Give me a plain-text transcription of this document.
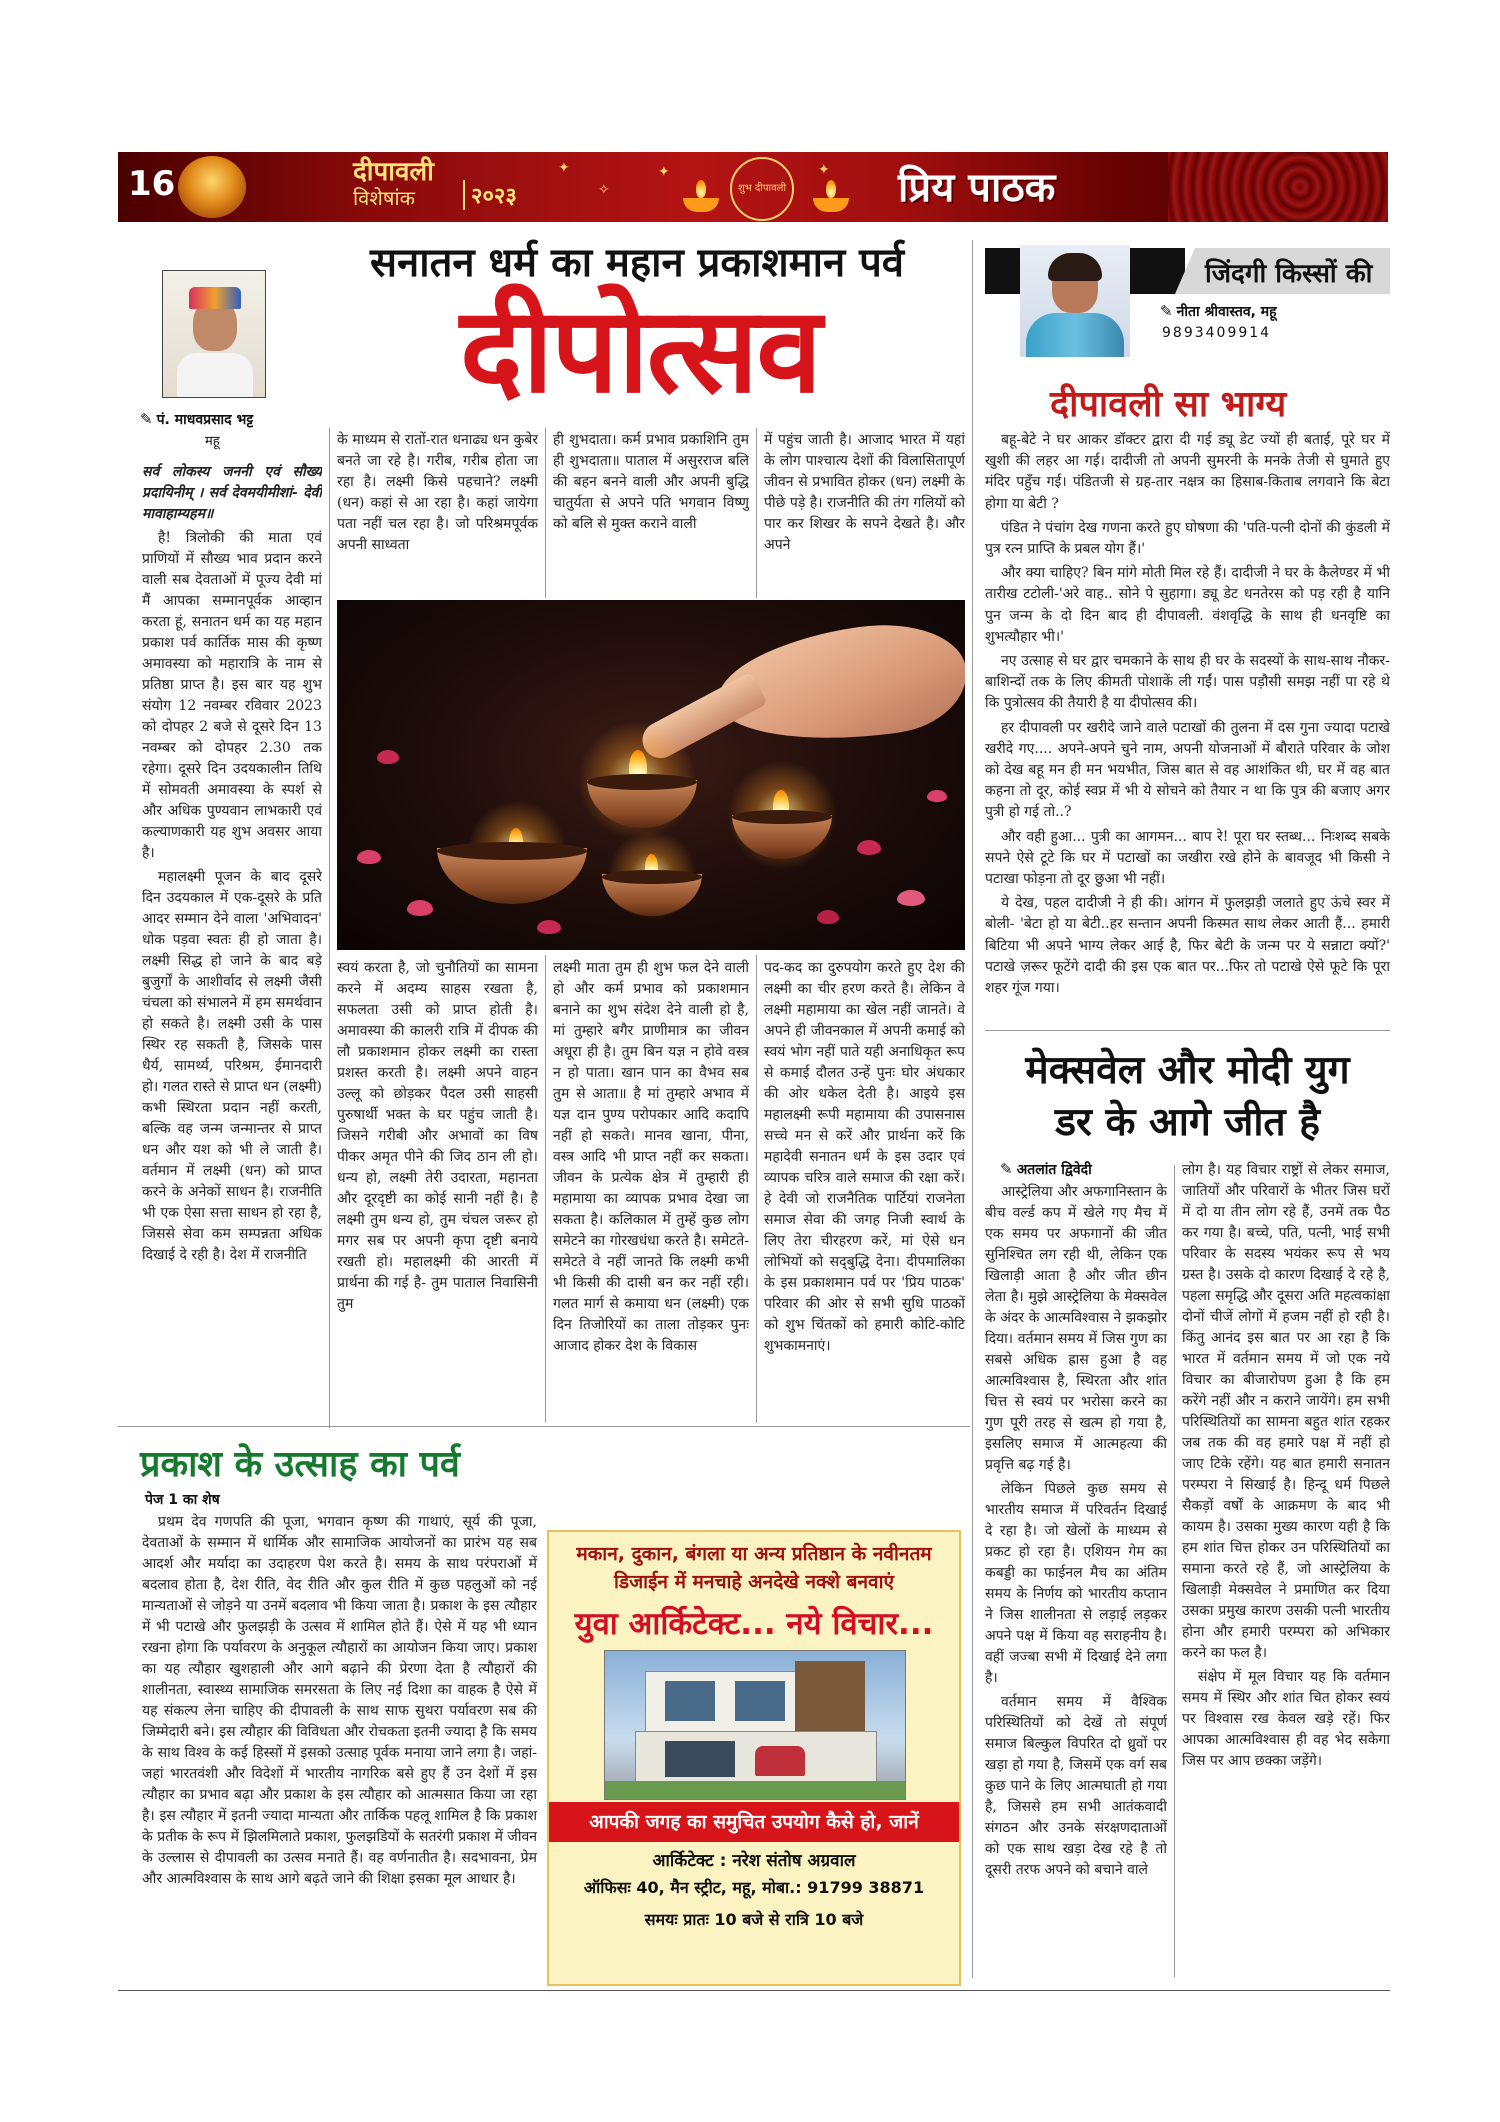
16	दीपावली
विशेषांक	२०२३
✦
✧
✦
✦
शुभ दीपावली	प्रिय पाठक
सनातन धर्म का महान प्रकाशमान पर्व
दीपोत्सव
✎ पं. माधवप्रसाद भट्ट
महू

सर्व लोकस्य जननी एवं सौख्य प्रदायिनीम् । सर्व देवमयीमीशां- देवी मावाहाम्यहम॥

है! त्रिलोकी की माता एवं प्राणियों में सौख्य भाव प्रदान करने वाली सब देवताओं में पूज्य देवी मां मैं आपका सम्मानपूर्वक आव्हान करता हूं, सनातन धर्म का यह महान प्रकाश पर्व कार्तिक मास की कृष्ण अमावस्या को महारात्रि के नाम से प्रतिष्ठा प्राप्त है। इस बार यह शुभ संयोग 12 नवम्बर रविवार 2023 को दोपहर 2 बजे से दूसरे दिन 13 नवम्बर को दोपहर 2.30 तक रहेगा। दूसरे दिन उदयकालीन तिथि में सोमवती अमावस्या के स्पर्श से और अधिक पुण्यवान लाभकारी एवं कल्याणकारी यह शुभ अवसर आया है।

महालक्ष्मी पूजन के बाद दूसरे दिन उदयकाल में एक-दूसरे के प्रति आदर सम्मान देने वाला 'अभिवादन' धोक पड़वा स्वतः ही हो जाता है। लक्ष्मी सिद्ध हो जाने के बाद बड़े बुजुर्गों के आशीर्वाद से लक्ष्मी जैसी चंचला को संभालने में हम समर्थवान हो सकते है। लक्ष्मी उसी के पास स्थिर रह सकती है, जिसके पास धैर्य, सामर्थ्य, परिश्रम, ईमानदारी हो। गलत रास्ते से प्राप्त धन (लक्ष्मी) कभी स्थिरता प्रदान नहीं करती, बल्कि वह जन्म जन्मान्तर से प्राप्त धन और यश को भी ले जाती है। वर्तमान में लक्ष्मी (धन) को प्राप्त करने के अनेकों साधन है। राजनीति भी एक ऐसा सत्ता साधन हो रहा है, जिससे सेवा कम सम्पन्नता अधिक दिखाई दे रही है। देश में राजनीति

के माध्यम से रातों-रात धनाढ्य धन कुबेर बनते जा रहे है। गरीब, गरीब होता जा रहा है। लक्ष्मी किसे पहचाने? लक्ष्मी (धन) कहां से आ रहा है। कहां जायेगा पता नहीं चल रहा है। जो परिश्रमपूर्वक अपनी साध्वता

ही शुभदाता। कर्म प्रभाव प्रकाशिनि तुम ही शुभदाता॥ पाताल में असुरराज बलि की बहन बनने वाली और अपनी बुद्धि चातुर्यता से अपने पति भगवान विष्णु को बलि से मुक्त कराने वाली

में पहुंच जाती है। आजाद भारत में यहां के लोग पाश्चात्य देशों की विलासितापूर्ण जीवन से प्रभावित होकर (धन) लक्ष्मी के पीछे पड़े है। राजनीति की तंग गलियों को पार कर शिखर के सपने देखते है। और अपने

स्वयं करता है, जो चुनौतियों का सामना करने में अदम्य साहस रखता है, सफलता उसी को प्राप्त होती है। अमावस्या की कालरी रात्रि में दीपक की लौ प्रकाशमान होकर लक्ष्मी का रास्ता प्रशस्त करती है। लक्ष्मी अपने वाहन उल्लू को छोड़कर पैदल उसी साहसी पुरुषार्थी भक्त के घर पहुंच जाती है। जिसने गरीबी और अभावों का विष पीकर अमृत पीने की जिद ठान ली हो। धन्य हो, लक्ष्मी तेरी उदारता, महानता और दूरदृष्टी का कोई सानी नहीं है। है लक्ष्मी तुम धन्य हो, तुम चंचल जरूर हो मगर सब पर अपनी कृपा दृष्टी बनाये रखती हो। महालक्ष्मी की आरती में प्रार्थना की गई है- तुम पाताल निवासिनी तुम

लक्ष्मी माता तुम ही शुभ फल देने वाली हो और कर्म प्रभाव को प्रकाशमान बनाने का शुभ संदेश देने वाली हो है, मां तुम्हारे बगैर प्राणीमात्र का जीवन अधूरा ही है। तुम बिन यज्ञ न होवे वस्त्र न हो पाता। खान पान का वैभव सब तुम से आता॥ है मां तुम्हारे अभाव में यज्ञ दान पुण्य परोपकार आदि कदापि नहीं हो सकते। मानव खाना, पीना, वस्त्र आदि भी प्राप्त नहीं कर सकता। जीवन के प्रत्येक क्षेत्र में तुम्हारी ही महामाया का व्यापक प्रभाव देखा जा सकता है। कलिकाल में तुम्हें कुछ लोग समेटने का गोरखधंधा करते है। समेटते-समेटते वे नहीं जानते कि लक्ष्मी कभी भी किसी की दासी बन कर नहीं रही। गलत मार्ग से कमाया धन (लक्ष्मी) एक दिन तिजोरियों का ताला तोड़कर पुनः आजाद होकर देश के विकास

पद-कद का दुरुपयोग करते हुए देश की लक्ष्मी का चीर हरण करते है। लेकिन वे लक्ष्मी महामाया का खेल नहीं जानते। वे अपने ही जीवनकाल में अपनी कमाई को स्वयं भोग नहीं पाते यही अनाधिकृत रूप से कमाई दौलत उन्हें पुनः घोर अंधकार की ओर धकेल देती है। आइये इस महालक्ष्मी रूपी महामाया की उपासनास सच्चे मन से करें और प्रार्थना करें कि महादेवी सनातन धर्म के इस उदार एवं व्यापक चरित्र वाले समाज की रक्षा करें। हे देवी जो राजनैतिक पार्टियां राजनेता समाज सेवा की जगह निजी स्वार्थ के लिए तेरा चीरहरण करें, मां ऐसे धन लोभियों को सद्‌बुद्धि देना। दीपमालिका के इस प्रकाशमान पर्व पर 'प्रिय पाठक' परिवार की ओर से सभी सुधि पाठकों को शुभ चिंतकों को हमारी कोटि-कोटि शुभकामनाएं।

प्रकाश के उत्साह का पर्व
पेज 1 का शेष

प्रथम देव गणपति की पूजा, भगवान कृष्ण की गाथाएं, सूर्य की पूजा, देवताओं के सम्मान में धार्मिक और सामाजिक आयोजनों का प्रारंभ यह सब आदर्श और मर्यादा का उदाहरण पेश करते है। समय के साथ परंपराओं में बदलाव होता है, देश रीति, वेद रीति और कुल रीति में कुछ पहलुओं को नई मान्यताओं से जोड़ने या उनमें बदलाव भी किया जाता है। प्रकाश के इस त्यौहार में भी पटाखे और फुलझड़ी के उत्सव में शामिल होते हैं। ऐसे में यह भी ध्यान रखना होगा कि पर्यावरण के अनुकूल त्यौहारों का आयोजन किया जाए। प्रकाश का यह त्यौहार खुशहाली और आगे बढ़ाने की प्रेरणा देता है त्यौहारों की शालीनता, स्वास्थ्य सामाजिक समरसता के लिए नई दिशा का वाहक है ऐसे में यह संकल्प लेना चाहिए की दीपावली के साथ साफ सुथरा पर्यावरण सब की जिम्मेदारी बने। इस त्यौहार की विविधता और रोचकता इतनी ज्यादा है कि समय के साथ विश्व के कई हिस्सों में इसको उत्साह पूर्वक मनाया जाने लगा है। जहां-जहां भारतवंशी और विदेशों में भारतीय नागरिक बसे हुए हैं उन देशों में इस त्यौहार का प्रभाव बढ़ा और प्रकाश के इस त्यौहार को आत्मसात किया जा रहा है। इस त्यौहार में इतनी ज्यादा मान्यता और तार्किक पहलू शामिल है कि प्रकाश के प्रतीक के रूप में झिलमिलाते प्रकाश, फुलझडियों के सतरंगी प्रकाश में जीवन के उल्लास से दीपावली का उत्सव मनाते हैं। वह वर्णनातीत है। सदभावना, प्रेम और आत्मविश्वास के साथ आगे बढ़ते जाने की शिक्षा इसका मूल आधार है।

मकान, दुकान, बंगला या अन्य प्रतिष्ठान के नवीनतम
डिजाईन में मनचाहे अनदेखे नक्शे बनवाएं
युवा आर्किटेक्ट... नये विचार...
आपकी जगह का समुचित उपयोग कैसे हो, जानें
आर्किटेक्ट : नरेश संतोष अग्रवाल
ऑफिसः 40, मैन स्ट्रीट, महू, मोबा.: 91799 38871
समयः प्रातः 10 बजे से रात्रि 10 बजे
जिंदगी किस्सों की
✎ नीता श्रीवास्तव, महू
9893409914
दीपावली सा भाग्य

बहू-बेटे ने घर आकर डॉक्टर द्वारा दी गई ड्यू डेट ज्यों ही बताई, पूरे घर में खुशी की लहर आ गई। दादीजी तो अपनी सुमरनी के मनके तेजी से घुमाते हुए मंदिर पहुँच गई। पंडितजी से ग्रह-तार नक्षत्र का हिसाब-किताब लगवाने कि बेटा होगा या बेटी ?

पंडित ने पंचांग देख गणना करते हुए घोषणा की 'पति-पत्नी दोनों की कुंडली में पुत्र रत्न प्राप्ति के प्रबल योग हैं।'

और क्या चाहिए? बिन मांगे मोती मिल रहे हैं। दादीजी ने घर के कैलेण्डर में भी तारीख टटोली-'अरे वाह.. सोने पे सुहागा। ड्यू डेट धनतेरस को पड़ रही है यानि पुन जन्म के दो दिन बाद ही दीपावली. वंशवृद्धि के साथ ही धनवृष्टि का शुभत्यौहार भी।'

नए उत्साह से घर द्वार चमकाने के साथ ही घर के सदस्यों के साथ-साथ नौकर- बाशिन्दों तक के लिए कीमती पोशाकें ली गईं। पास पड़ौसी समझ नहीं पा रहे थे कि पुत्रोत्सव की तैयारी है या दीपोत्सव की।

हर दीपावली पर खरीदे जाने वाले पटाखों की तुलना में दस गुना ज्यादा पटाखे खरीदे गए.... अपने-अपने चुने नाम, अपनी योजनाओं में बौराते परिवार के जोश को देख बहू मन ही मन भयभीत, जिस बात से वह आशंकित थी, घर में वह बात कहना तो दूर, कोई स्वप्न में भी ये सोचने को तैयार न था कि पुत्र की बजाए अगर पुत्री हो गई तो..?

और वही हुआ... पुत्री का आगमन... बाप रे! पूरा घर स्तब्ध... निःशब्द सबके सपने ऐसे टूटे कि घर में पटाखों का जखीरा रखे होने के बावजूद भी किसी ने पटाखा फोड़ना तो दूर छुआ भी नहीं।

ये देख, पहल दादीजी ने ही की। आंगन में फुलझड़ी जलाते हुए ऊंचे स्वर में बोली- 'बेटा हो या बेटी..हर सन्तान अपनी किस्मत साथ लेकर आती हैं... हमारी बिटिया भी अपने भाग्य लेकर आई है, फिर बेटी के जन्म पर ये सन्नाटा क्यों?' पटाखे ज़रूर फूटेंगे दादी की इस एक बात पर...फिर तो पटाखे ऐसे फूटे कि पूरा शहर गूंज गया।

मेक्सवेल और मोदी युग
डर के आगे जीत है
✎ अतलांत द्विवेदी

आस्ट्रेलिया और अफगानिस्तान के बीच वर्ल्ड कप में खेले गए मैच में एक समय पर अफगानों की जीत सुनिश्चित लग रही थी, लेकिन एक खिलाड़ी आता है और जीत छीन लेता है। मुझे आस्ट्रेलिया के मेक्सवेल के अंदर के आत्मविश्वास ने झकझोर दिया। वर्तमान समय में जिस गुण का सबसे अधिक ह्रास हुआ है वह आत्मविश्वास है, स्थिरता और शांत चित्त से स्वयं पर भरोसा करने का गुण पूरी तरह से खत्म हो गया है, इसलिए समाज में आत्महत्या की प्रवृत्ति बढ़ गई है।

लेकिन पिछले कुछ समय से भारतीय समाज में परिवर्तन दिखाई दे रहा है। जो खेलों के माध्यम से प्रकट हो रहा है। एशियन गेम का कबड्डी का फाईनल मैच का अंतिम समय के निर्णय को भारतीय कप्तान ने जिस शालीनता से लड़ाई लड़कर अपने पक्ष में किया वह सराहनीय है। वहीं जज्बा सभी में दिखाई देने लगा है।

वर्तमान समय में वैश्विक परिस्थितियों को देखें तो संपूर्ण समाज बिल्कुल विपरित दो ध्रुवों पर खड़ा हो गया है, जिसमें एक वर्ग सब कुछ पाने के लिए आत्मघाती हो गया है, जिससे हम सभी आतंकवादी संगठन और उनके संरक्षणदाताओं को एक साथ खड़ा देख रहे है तो दूसरी तरफ अपने को बचाने वाले

लोग है। यह विचार राष्ट्रों से लेकर समाज, जातियों और परिवारों के भीतर जिस घरों में दो या तीन लोग रहे हैं, उनमें तक पैठ कर गया है। बच्चे, पति, पत्नी, भाई सभी परिवार के सदस्य भयंकर रूप से भय ग्रस्त है। उसके दो कारण दिखाई दे रहे है, पहला समृद्धि और दूसरा अति महत्वकांक्षा दोनों चीजें लोगों में हजम नहीं हो रही है। किंतु आनंद इस बात पर आ रहा है कि भारत में वर्तमान समय में जो एक नये विचार का बीजारोपण हुआ है कि हम करेंगे नहीं और न कराने जायेंगे। हम सभी परिस्थितियों का सामना बहुत शांत रहकर जब तक की वह हमारे पक्ष में नहीं हो जाए टिके रहेंगे। यह बात हमारी सनातन परम्परा ने सिखाई है। हिन्दू धर्म पिछले सैकड़ों वर्षों के आक्रमण के बाद भी कायम है। उसका मुख्य कारण यही है कि हम शांत चित्त होकर उन परिस्थितियों का समाना करते रहे हैं, जो आस्ट्रेलिया के खिलाड़ी मेक्सवेल ने प्रमाणित कर दिया उसका प्रमुख कारण उसकी पत्नी भारतीय होना और हमारी परम्परा को अभिकार करने का फल है।

संक्षेप में मूल विचार यह कि वर्तमान समय में स्थिर और शांत चित होकर स्वयं पर विश्वास रख केवल खड़े रहें। फिर आपका आत्मविश्वास ही वह भेद सकेगा जिस पर आप छक्का जड़ेंगे।
